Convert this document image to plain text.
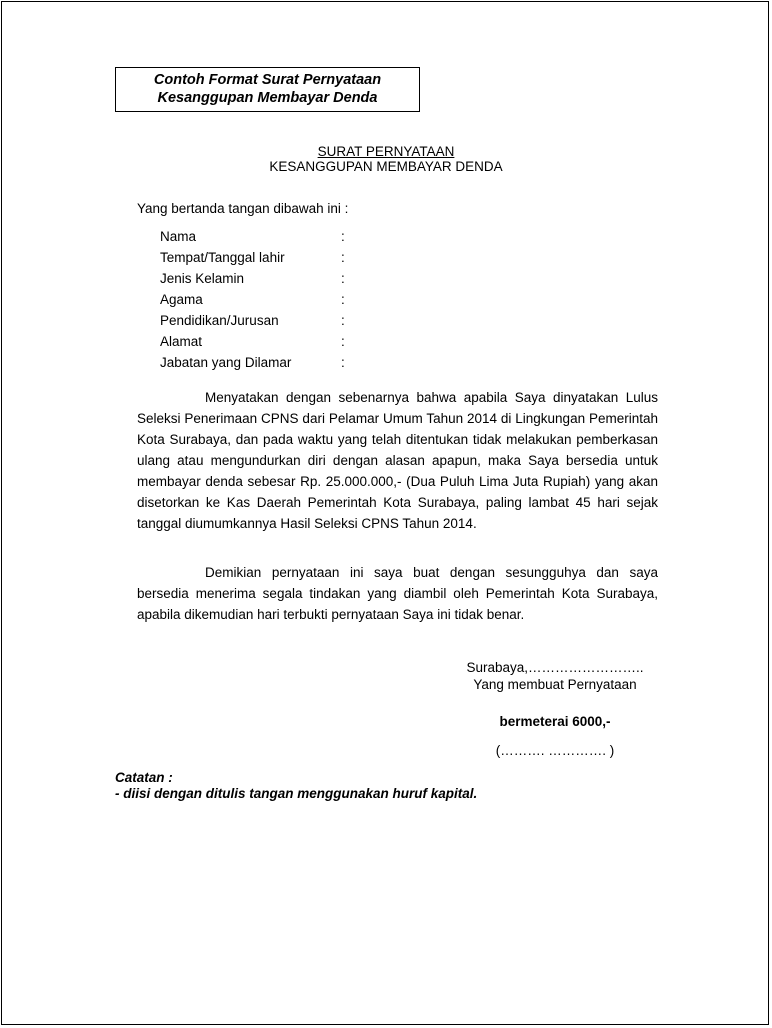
Contoh Format Surat Pernyataan
Kesanggupan Membayar Denda
SURAT PERNYATAAN
KESANGGUPAN MEMBAYAR DENDA
Yang bertanda tangan dibawah ini :
Nama	:
Tempat/Tanggal lahir	:
Jenis Kelamin	:
Agama	:
Pendidikan/Jurusan	:
Alamat	:
Jabatan yang Dilamar	:
Menyatakan dengan sebenarnya bahwa apabila Saya dinyatakan Lulus Seleksi Penerimaan CPNS dari Pelamar Umum Tahun 2014 di Lingkungan Pemerintah Kota Surabaya, dan pada waktu yang telah ditentukan tidak melakukan pemberkasan ulang atau mengundurkan diri dengan alasan apapun, maka Saya bersedia untuk membayar denda sebesar Rp. 25.000.000,- (Dua Puluh Lima Juta Rupiah) yang akan disetorkan ke Kas Daerah Pemerintah Kota Surabaya, paling lambat 45 hari sejak tanggal diumumkannya Hasil Seleksi CPNS Tahun 2014.
Demikian pernyataan ini saya buat dengan sesungguhya dan saya bersedia menerima segala tindakan yang diambil oleh Pemerintah Kota Surabaya, apabila dikemudian hari terbukti pernyataan Saya ini tidak benar.
Surabaya,……………………..
Yang membuat Pernyataan
bermeterai 6000,-
(………. …………. )
Catatan :
- diisi dengan ditulis tangan menggunakan huruf kapital.
